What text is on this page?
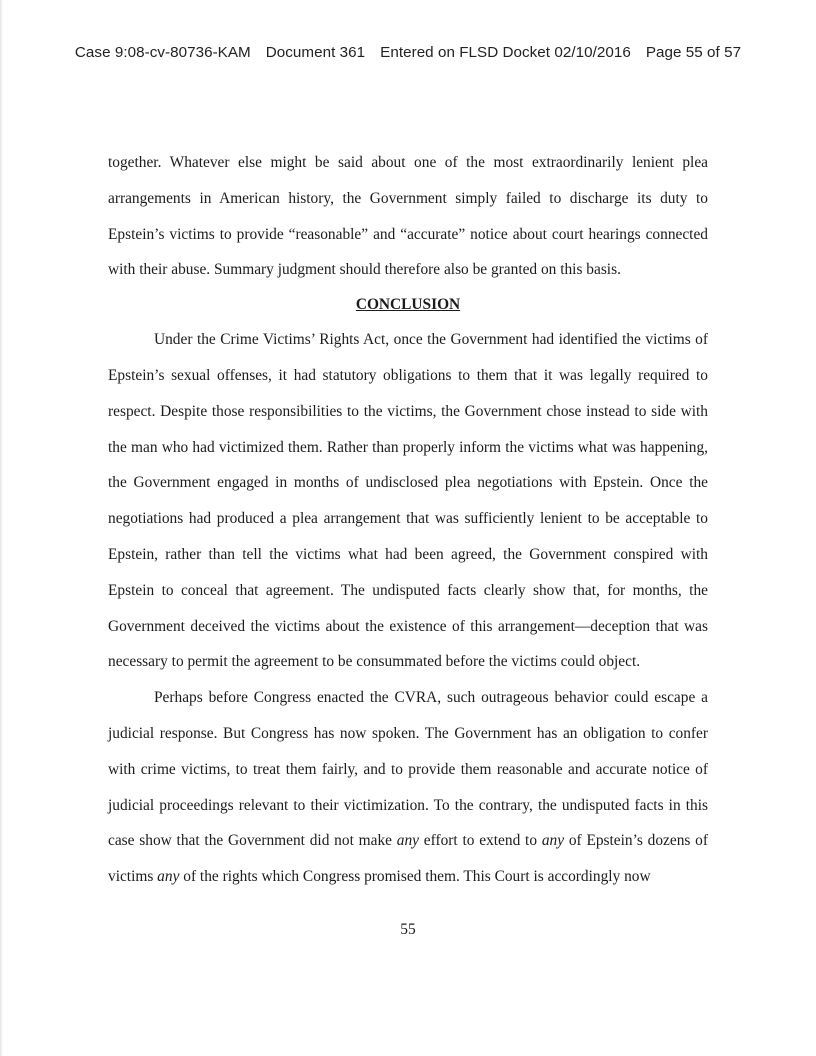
Case 9:08-cv-80736-KAM Document 361 Entered on FLSD Docket 02/10/2016 Page 55 of 57

together. Whatever else might be said about one of the most extraordinarily lenient plea arrangements in American history, the Government simply failed to discharge its duty to Epstein’s victims to provide “reasonable” and “accurate” notice about court hearings connected with their abuse. Summary judgment should therefore also be granted on this basis.

CONCLUSION

Under the Crime Victims’ Rights Act, once the Government had identified the victims of Epstein’s sexual offenses, it had statutory obligations to them that it was legally required to respect. Despite those responsibilities to the victims, the Government chose instead to side with the man who had victimized them. Rather than properly inform the victims what was happening, the Government engaged in months of undisclosed plea negotiations with Epstein. Once the negotiations had produced a plea arrangement that was sufficiently lenient to be acceptable to Epstein, rather than tell the victims what had been agreed, the Government conspired with Epstein to conceal that agreement. The undisputed facts clearly show that, for months, the Government deceived the victims about the existence of this arrangement—deception that was necessary to permit the agreement to be consummated before the victims could object.

Perhaps before Congress enacted the CVRA, such outrageous behavior could escape a judicial response. But Congress has now spoken. The Government has an obligation to confer with crime victims, to treat them fairly, and to provide them reasonable and accurate notice of judicial proceedings relevant to their victimization. To the contrary, the undisputed facts in this case show that the Government did not make any effort to extend to any of Epstein’s dozens of victims any of the rights which Congress promised them. This Court is accordingly now

55
